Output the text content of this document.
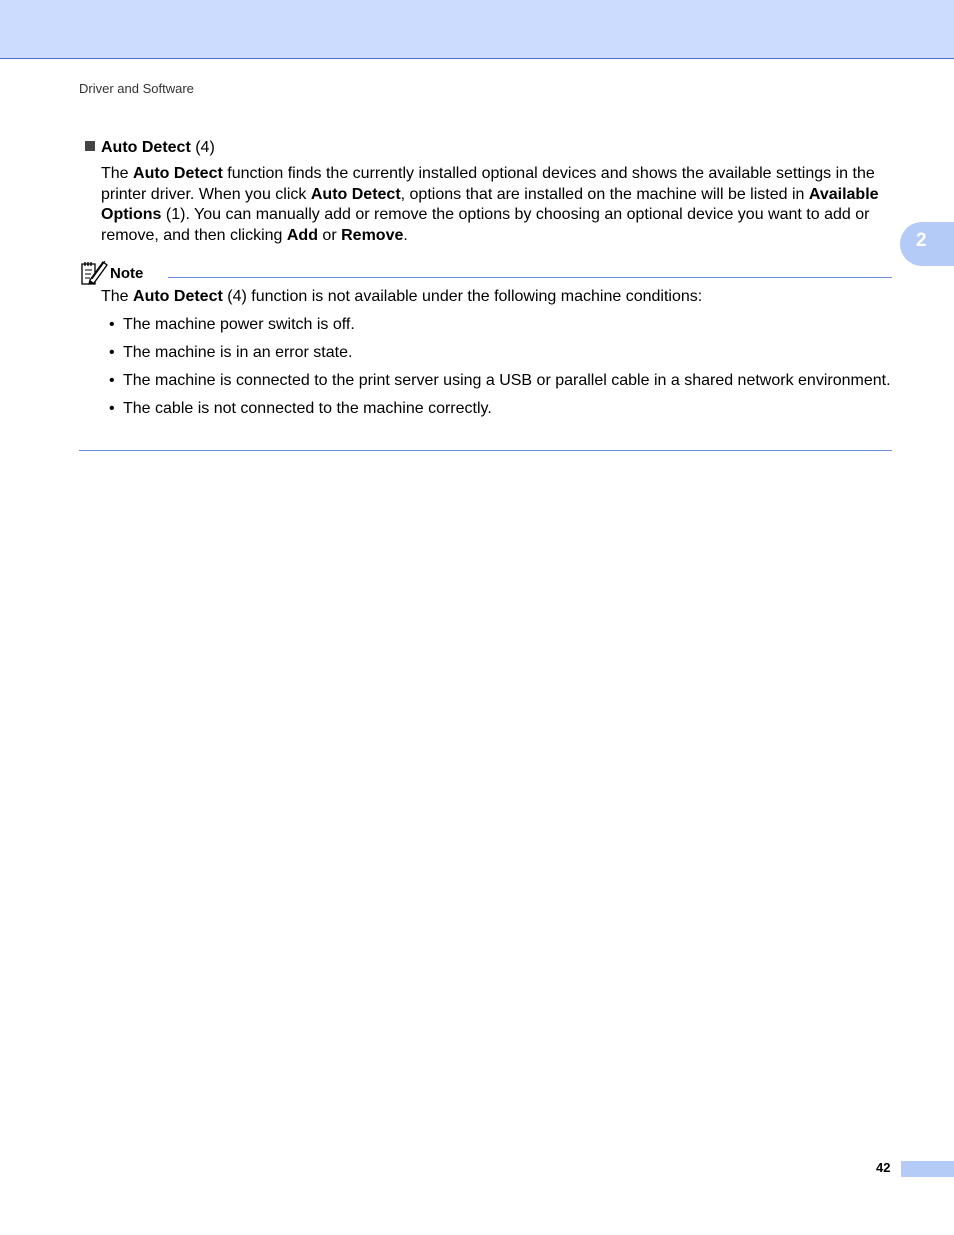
Driver and Software
2
Auto Detect (4)
The Auto Detect function finds the currently installed optional devices and shows the available settings in the printer driver. When you click Auto Detect, options that are installed on the machine will be listed in Available Options (1). You can manually add or remove the options by choosing an optional device you want to add or remove, and then clicking Add or Remove.
Note
The Auto Detect (4) function is not available under the following machine conditions:
• The machine power switch is off.
• The machine is in an error state.
• The machine is connected to the print server using a USB or parallel cable in a shared network environment.
• The cable is not connected to the machine correctly.
42
